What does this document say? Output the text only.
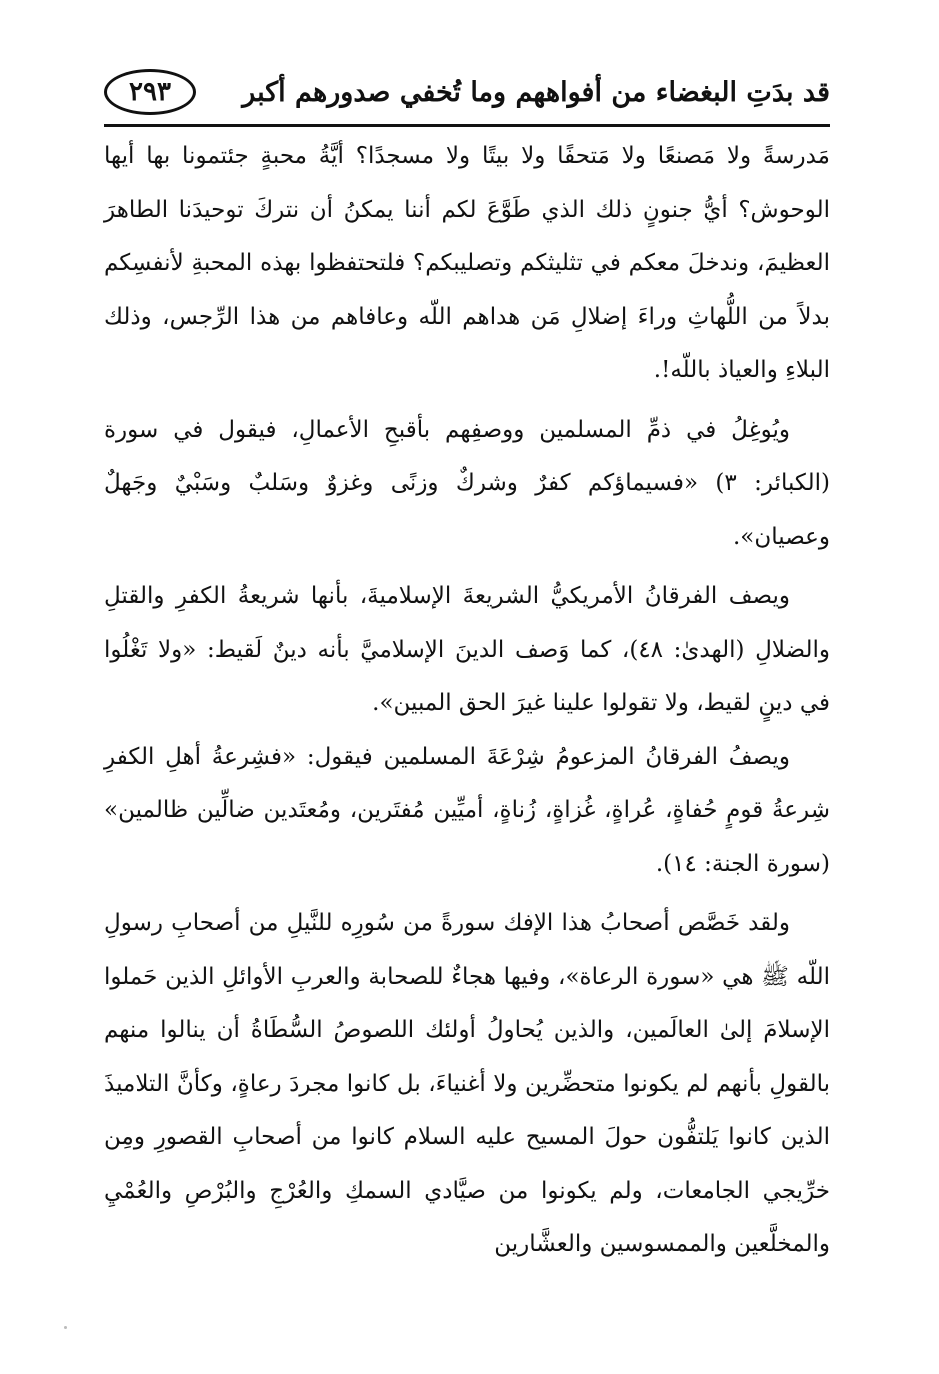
قد بدَتِ البغضاء من أفواههم وما تُخفي صدورهم أكبر
٢٩٣

مَدرسةً ولا مَصنعًا ولا مَتحفًا ولا بيتًا ولا مسجدًا؟ أيَّةُ محبةٍ جئتمونا بها أيها الوحوش؟ أيُّ جنونٍ ذلك الذي طَوَّعَ لكم أننا يمكنُ أن نتركَ توحيدَنا الطاهرَ العظيمَ، وندخلَ معكم في تثليثكم وتصليبكم؟ فلتحتفظوا بهذه المحبةِ لأنفسِكم بدلاً من اللُّهاثِ وراءَ إضلالِ مَن هداهم اللّه وعافاهم من هذا الرِّجس، وذلك البلاءِ والعياذ باللّه!.

ويُوغِلُ في ذمِّ المسلمين ووصفِهم بأقبحِ الأعمالِ، فيقول في سورة (الكبائر: ٣) «فسيماؤكم كفرٌ وشركٌ وزنًى وغزوٌ وسَلبٌ وسَبْيٌ وجَهلٌ وعصيان».

ويصف الفرقانُ الأمريكيُّ الشريعةَ الإسلاميةَ، بأنها شريعةُ الكفرِ والقتلِ والضلالِ (الهدىٰ: ٤٨)، كما وَصف الدينَ الإسلاميَّ بأنه دينٌ لَقيط: «ولا تَغْلُوا في دينٍ لقيط، ولا تقولوا علينا غيرَ الحق المبين».

ويصفُ الفرقانُ المزعومُ شِرْعَةَ المسلمين فيقول: «فشِرعةُ أهلِ الكفرِ شِرعةُ قومٍ حُفاةٍ، عُراةٍ، غُزاةٍ، زُناةٍ، أميِّين مُفتَرين، ومُعتَدين ضالِّين ظالمين» (سورة الجنة: ١٤).

ولقد خَصَّص أصحابُ هذا الإفك سورةً من سُورِه للنَّيلِ من أصحابِ رسولِ اللّه ﷺ هي «سورة الرعاة»، وفيها هجاءٌ للصحابة والعربِ الأوائلِ الذين حَملوا الإسلامَ إلىٰ العالَمين، والذين يُحاولُ أولئك اللصوصُ السُّطَاةُ أن ينالوا منهم بالقولِ بأنهم لم يكونوا متحضِّرين ولا أغنياءَ، بل كانوا مجردَ رعاةٍ، وكأنَّ التلاميذَ الذين كانوا يَلتفُّون حولَ المسيح عليه السلام كانوا من أصحابِ القصورِ ومِن خرِّيجي الجامعات، ولم يكونوا من صيَّادي السمكِ والعُرْجِ والبُرْصِ والعُمْيِ والمخلَّعين والممسوسين والعشَّارين
